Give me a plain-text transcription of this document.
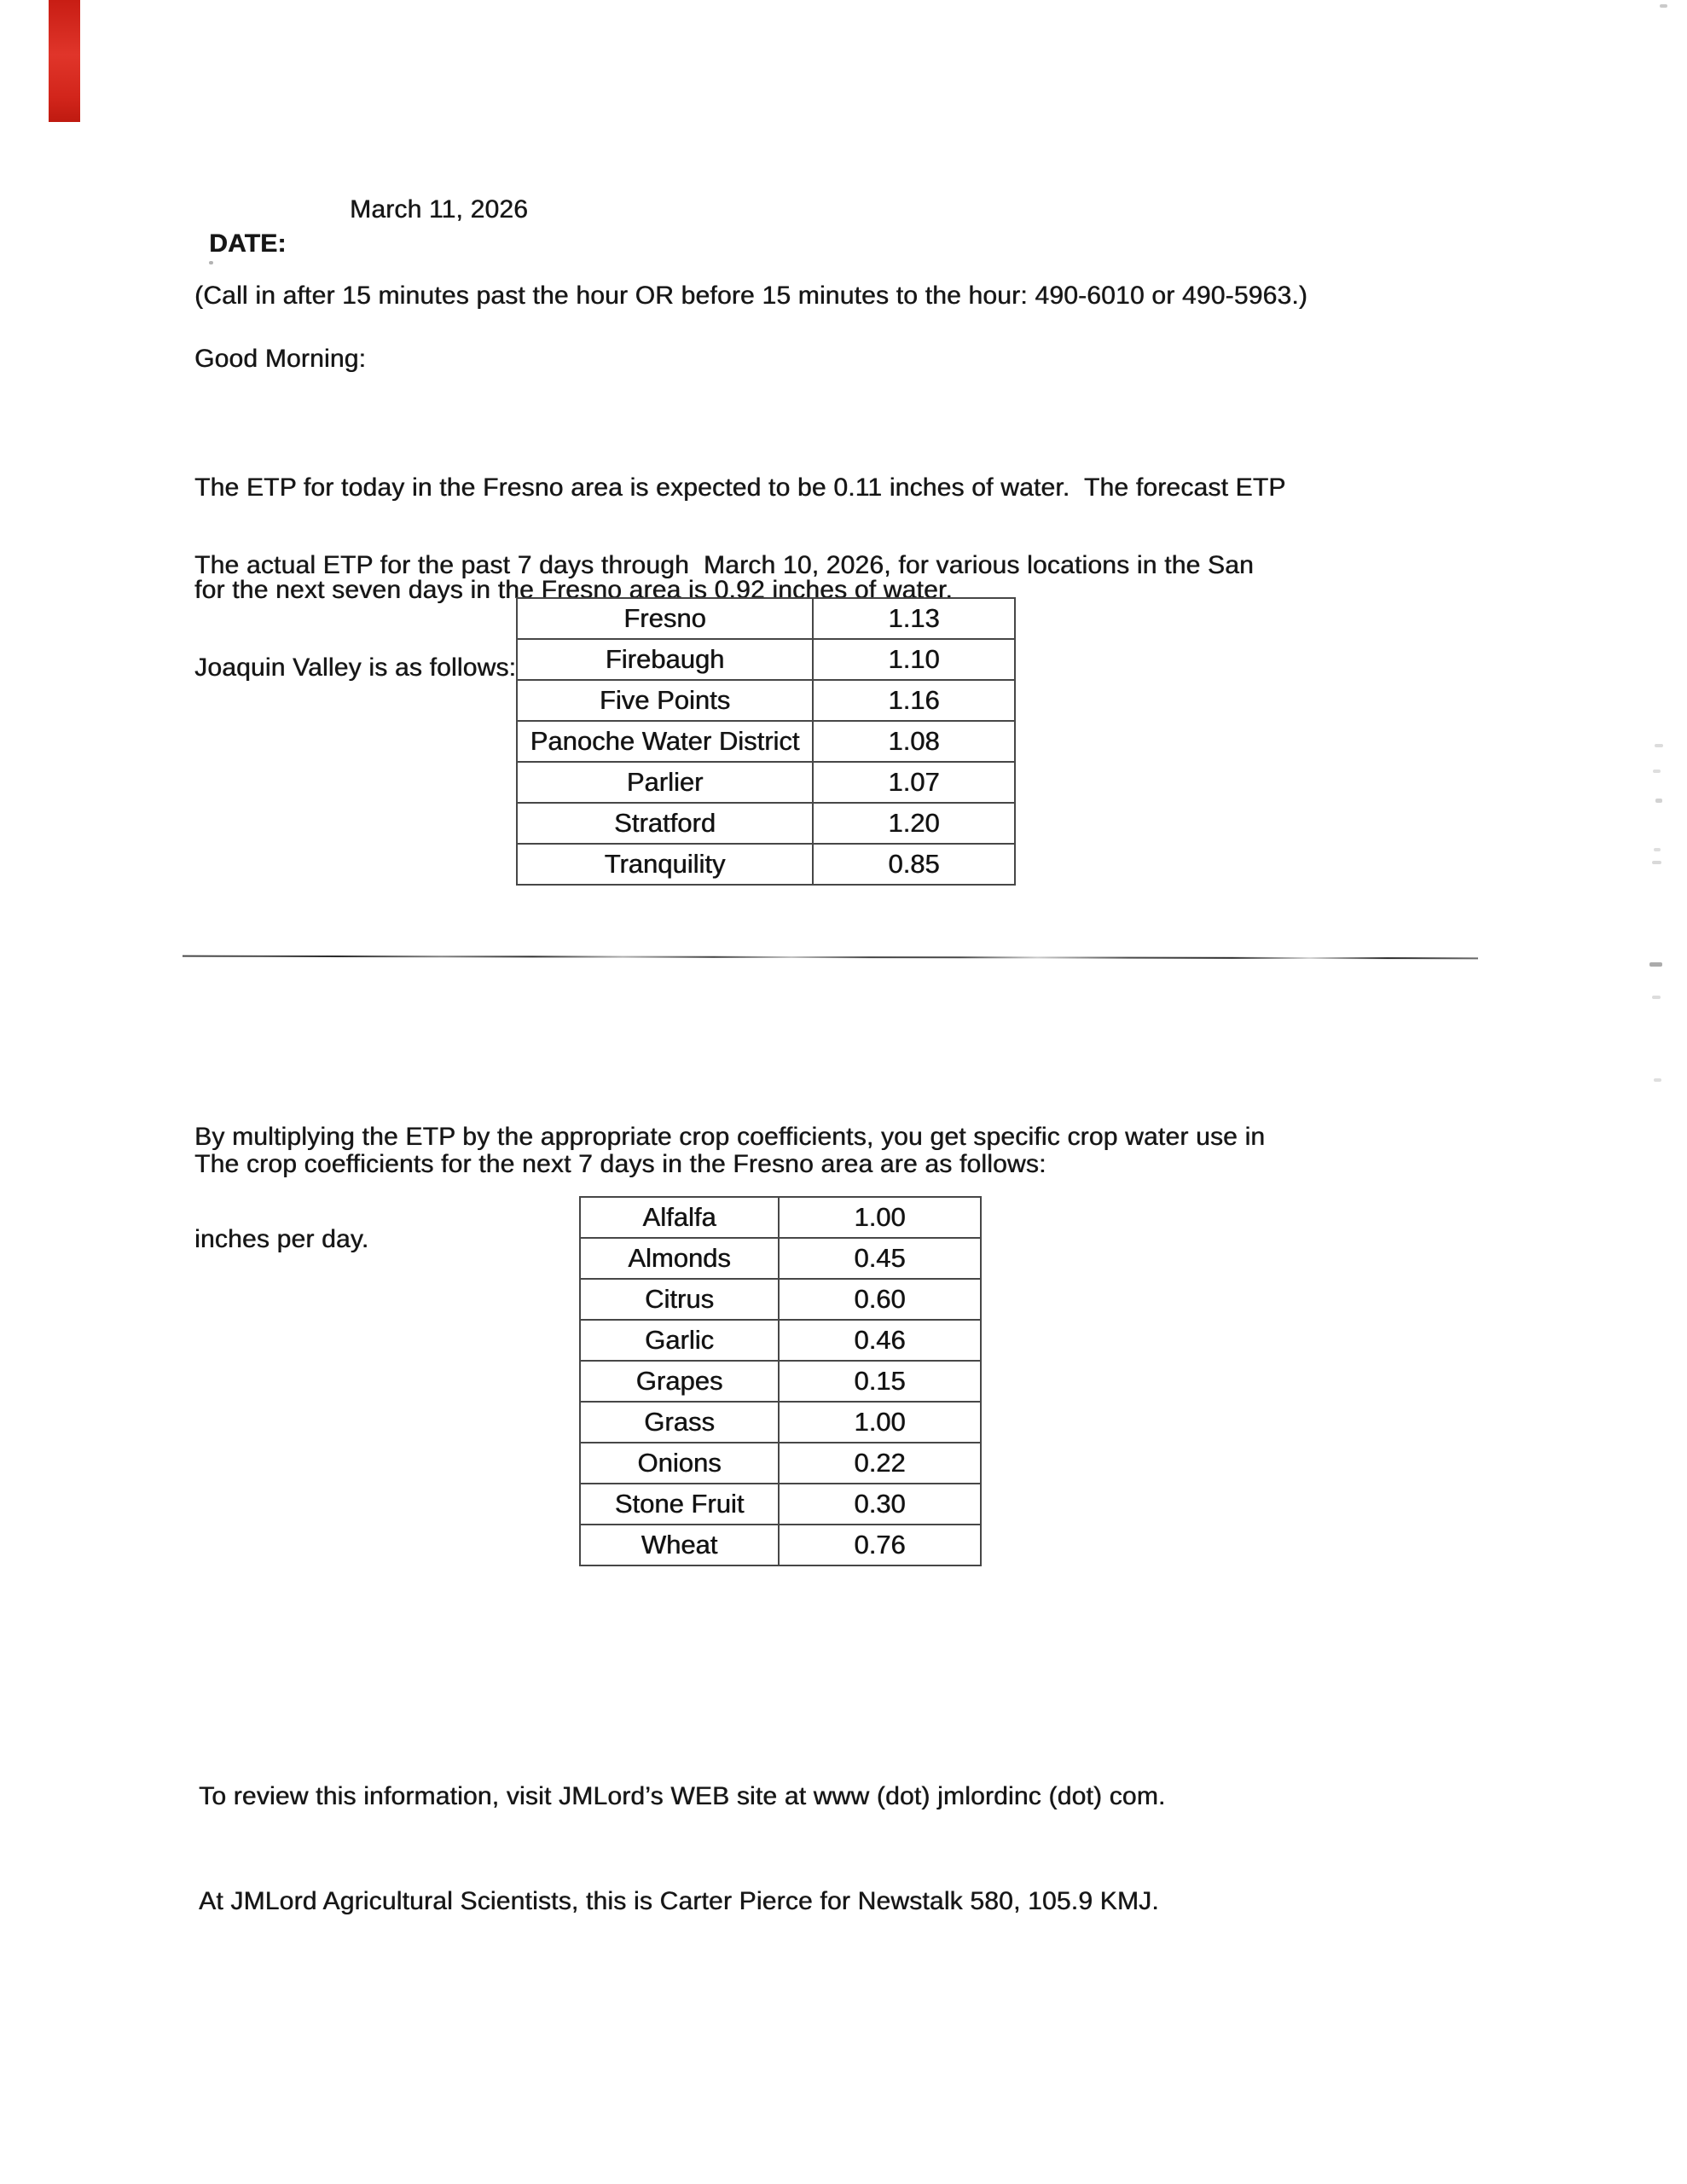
DATE:

March 11, 2026

(Call in after 15 minutes past the hour OR before 15 minutes to the hour: 490-6010 or 490-5963.)
Good Morning:

The ETP for today in the Fresno area is expected to be 0.11 inches of water.  The forecast ETP

for the next seven days in the Fresno area is 0.92 inches of water.

The actual ETP for the past 7 days through  March 10, 2026, for various locations in the San

Joaquin Valley is as follows:

Fresno	1.13
Firebaugh	1.10
Five Points	1.16
Panoche Water District	1.08
Parlier	1.07
Stratford	1.20
Tranquility	0.85

By multiplying the ETP by the appropriate crop coefficients, you get specific crop water use in

inches per day.

The crop coefficients for the next 7 days in the Fresno area are as follows:
Alfalfa	1.00
Almonds	0.45
Citrus	0.60
Garlic	0.46
Grapes	0.15
Grass	1.00
Onions	0.22
Stone Fruit	0.30
Wheat	0.76

To review this information, visit JMLord’s WEB site at www (dot) jmlordinc (dot) com.

At JMLord Agricultural Scientists, this is Carter Pierce for Newstalk 580, 105.9 KMJ.
